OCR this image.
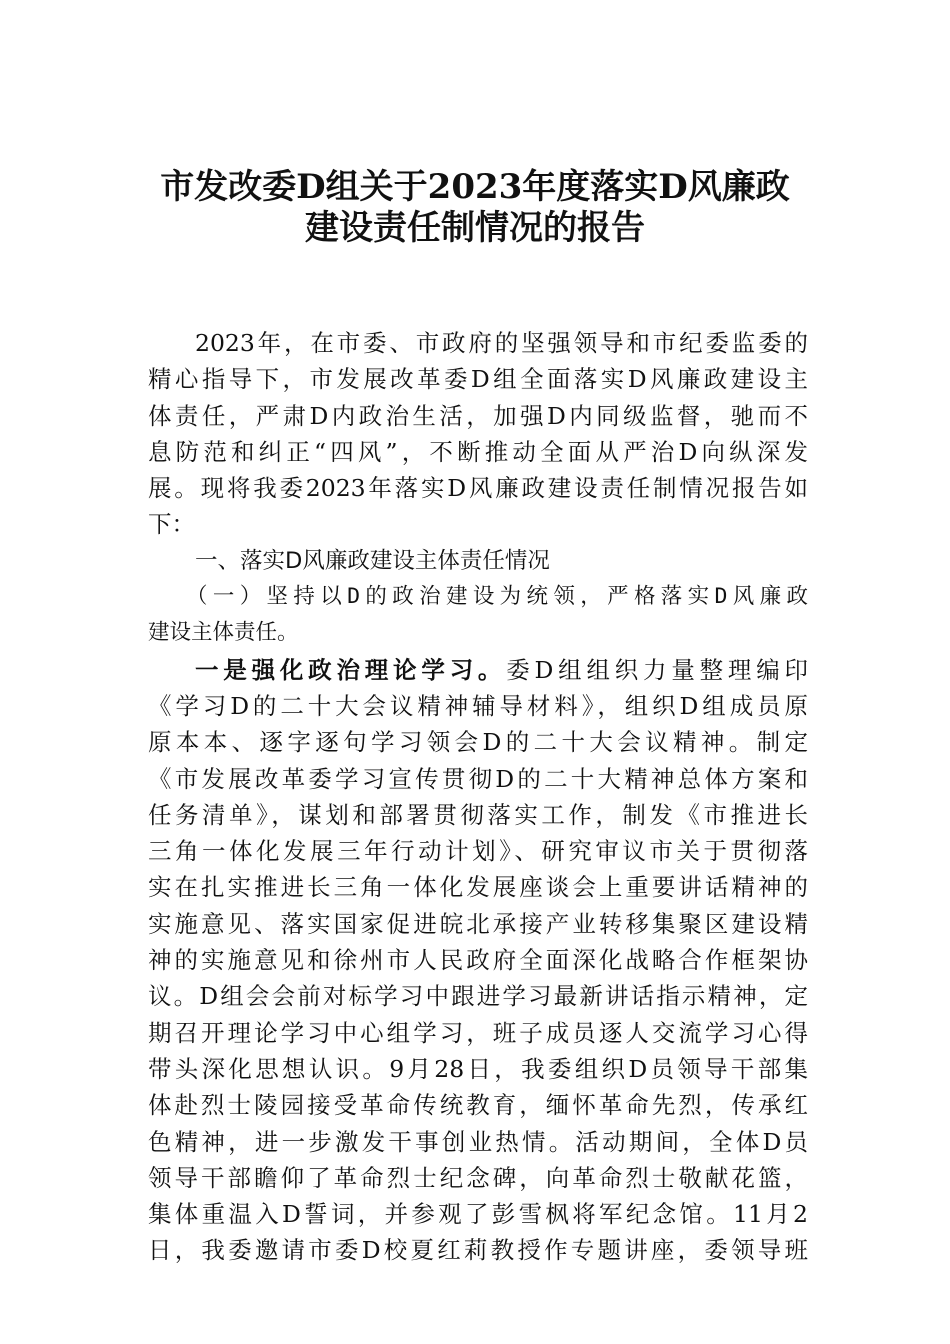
市发改委D组关于2023年度落实D风廉政
建设责任制情况的报告
2023年，在市委、市政府的坚强领导和市纪委监委的
精心指导下，市发展改革委D组全面落实D风廉政建设主
体责任，严肃D内政治生活，加强D内同级监督，驰而不
息防范和纠正“四风”，不断推动全面从严治D向纵深发
展。现将我委2023年落实D风廉政建设责任制情况报告如
下：
一、落实D风廉政建设主体责任情况
（一）坚持以D的政治建设为统领，严格落实D风廉政
建设主体责任。
一是强化政治理论学习。委D组组织力量整理编印
《学习D的二十大会议精神辅导材料》，组织D组成员原
原本本、逐字逐句学习领会D的二十大会议精神。制定
《市发展改革委学习宣传贯彻D的二十大精神总体方案和
任务清单》，谋划和部署贯彻落实工作，制发《市推进长
三角一体化发展三年行动计划》、研究审议市关于贯彻落
实在扎实推进长三角一体化发展座谈会上重要讲话精神的
实施意见、落实国家促进皖北承接产业转移集聚区建设精
神的实施意见和徐州市人民政府全面深化战略合作框架协
议。D组会会前对标学习中跟进学习最新讲话指示精神，定
期召开理论学习中心组学习，班子成员逐人交流学习心得
带头深化思想认识。9月28日，我委组织D员领导干部集
体赴烈士陵园接受革命传统教育，缅怀革命先烈，传承红
色精神，进一步激发干事创业热情。活动期间，全体D员
领导干部瞻仰了革命烈士纪念碑，向革命烈士敬献花篮，
集体重温入D誓词，并参观了彭雪枫将军纪念馆。11月2
日，我委邀请市委D校夏红莉教授作专题讲座，委领导班
